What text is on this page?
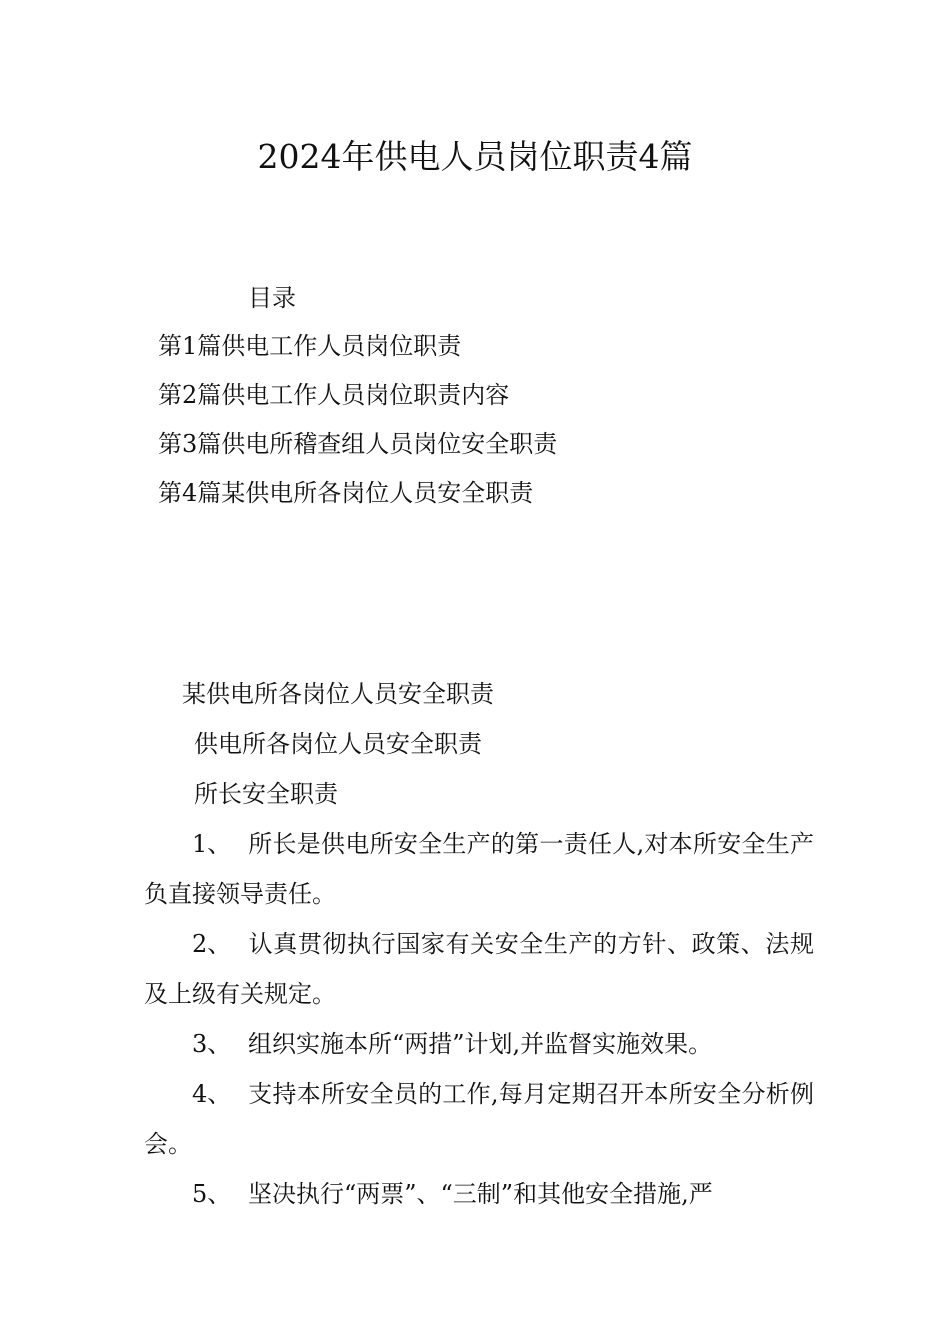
2024年供电人员岗位职责4篇
目录
第1篇供电工作人员岗位职责
第2篇供电工作人员岗位职责内容
第3篇供电所稽查组人员岗位安全职责
第4篇某供电所各岗位人员安全职责
某供电所各岗位人员安全职责
供电所各岗位人员安全职责
所长安全职责

1、 所长是供电所安全生产的第一责任人,对本所安全生产负直接领导责任。

2、 认真贯彻执行国家有关安全生产的方针、政策、法规及上级有关规定。

3、 组织实施本所“两措”计划,并监督实施效果。

4、 支持本所安全员的工作,每月定期召开本所安全分析例会。

5、 坚决执行“两票”、“三制”和其他安全措施,严
